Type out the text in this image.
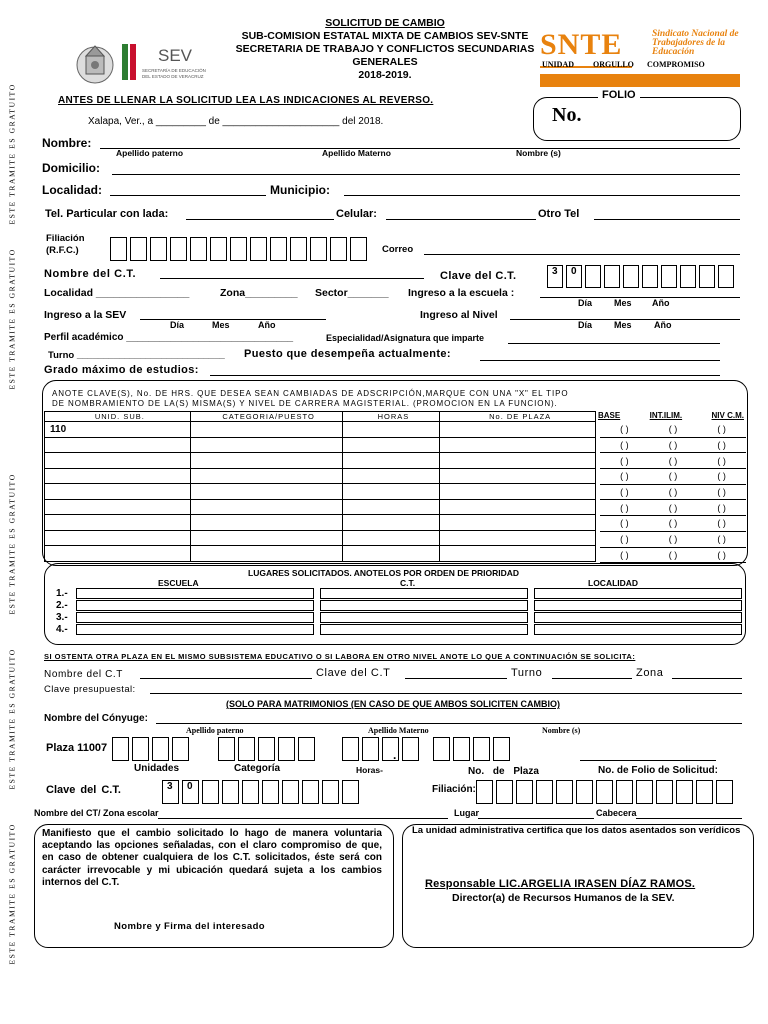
ESTE TRAMITE ES GRATUITO
ESTE TRAMITE ES GRATUITO
ESTE TRAMITE ES GRATUITO
ESTE TRAMITE ES GRATUITO
ESTE TRAMITE ES GRATUITO
SEV
SECRETARÍA DE EDUCACIÓN
DEL ESTADO DE VERACRUZ
SOLICITUD DE CAMBIO
SUB-COMISION ESTATAL MIXTA DE CAMBIOS SEV-SNTE
SECRETARIA DE TRABAJO Y CONFLICTOS SECUNDARIAS GENERALES
2018-2019.
SNTE
UNIDAD ORGULLO COMPROMISO
Sindicato Nacional de Trabajadores de la Educación
ANTES DE LLENAR LA SOLICITUD LEA LAS INDICACIONES AL REVERSO.
Xalapa, Ver., a _________ de _____________________ del 2018.
FOLIO
No.
Nombre:
Apellido paterno	Apellido Materno	Nombre (s)
Domicilio:
Localidad:	Municipio:
Tel. Particular con lada:	Celular:	Otro Tel
Filiación
(R.F.C.)	Correo
Nombre del C.T.	Clave del C.T.	3	0
Localidad ________________	Zona_________ Sector_______ Ingreso a la escuela :
Día Mes Año
Ingreso a la SEV
Día	Mes	Año
Ingreso al Nivel
Día Mes Año
Perfil académico ______________________________	Especialidad/Asignatura que imparte
Turno ____________________________ Puesto que desempeña actualmente:
Grado máximo de estudios:
ANOTE CLAVE(S), No. DE HRS. QUE DESEA SEAN CAMBIADAS DE ADSCRIPCIÓN,MARQUE CON UNA "X" EL TIPO
DE NOMBRAMIENTO DE LA(S) MISMA(S) Y NIVEL DE CARRERA MAGISTERIAL. (PROMOCION EN LA FUNCION).
UNID. SUB.	CATEGORIA/PUESTO	HORAS	No. DE PLAZA
110			

BASE	INT.ILIM.	NIV C.M.
( )	( )	( )
( )	( )	( )
( )	( )	( )
( )	( )	( )
( )	( )	( )
( )	( )	( )
( )	( )	( )
( )	( )	( )
( )	( )	( )
LUGARES SOLICITADOS. ANOTELOS POR ORDEN DE PRIORIDAD
ESCUELA	C.T.	LOCALIDAD
1.-
2.-
3.-
4.-
SI OSTENTA OTRA PLAZA EN EL MISMO SUBSISTEMA EDUCATIVO O SI LABORA EN OTRO NIVEL ANOTE LO QUE A CONTINUACIÓN SE SOLICITA:
Nombre del C.T	Clave del C.T	Turno	Zona
Clave presupuestal:
(SOLO PARA MATRIMONIOS (EN CASO DE QUE AMBOS SOLICITEN CAMBIO)
Nombre del Cónyuge:
Apellido paterno	Apellido Materno	Nombre (s)
Plaza 11007	.
Unidades	Categoría	Horas-	No. de Plaza	No. de Folio de Solicitud:
Clave del C.T.	3	0	Filiación:
Nombre del CT/ Zona escolar	Lugar	Cabecera
Manifiesto que el cambio solicitado lo hago de manera voluntaria aceptando las opciones señaladas, con el claro compromiso de que, en caso de obtener cualquiera de los C.T. solicitados, éste será con carácter irrevocable y mi ubicación quedará sujeta a los cambios internos del C.T.
Nombre y Firma del interesado
La unidad administrativa certifica que los datos asentados son verídicos
Responsable LIC.ARGELIA IRASEN DÍAZ RAMOS.
Director(a) de Recursos Humanos de la SEV.
